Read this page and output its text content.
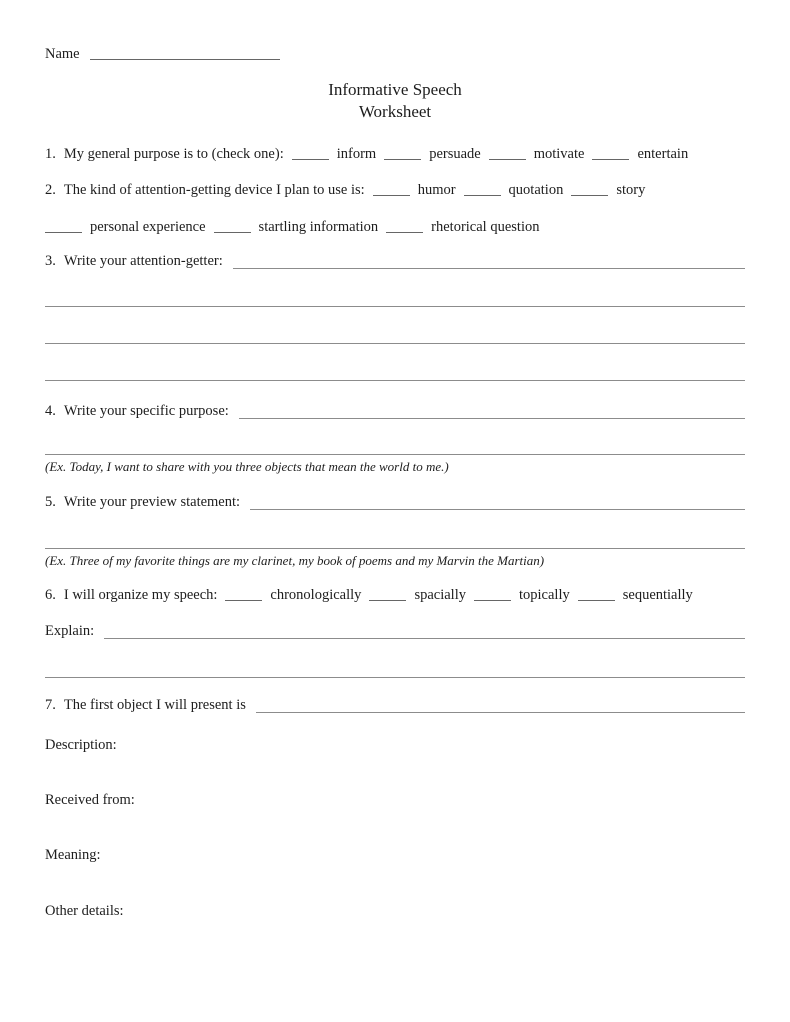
Name
Informative Speech
Worksheet
1. My general purpose is to (check one):	inform	persuade	motivate	entertain
2. The kind of attention-getting device I plan to use is:	humor	quotation	story
personal experience	startling information	rhetorical question
3. Write your attention-getter:
4. Write your specific purpose:
(Ex. Today, I want to share with you three objects that mean the world to me.)
5. Write your preview statement:
(Ex. Three of my favorite things are my clarinet, my book of poems and my Marvin the Martian)
6. I will organize my speech:	chronologically	spacially	topically	sequentially
Explain:
7. The first object I will present is
Description:
Received from:
Meaning:
Other details:
